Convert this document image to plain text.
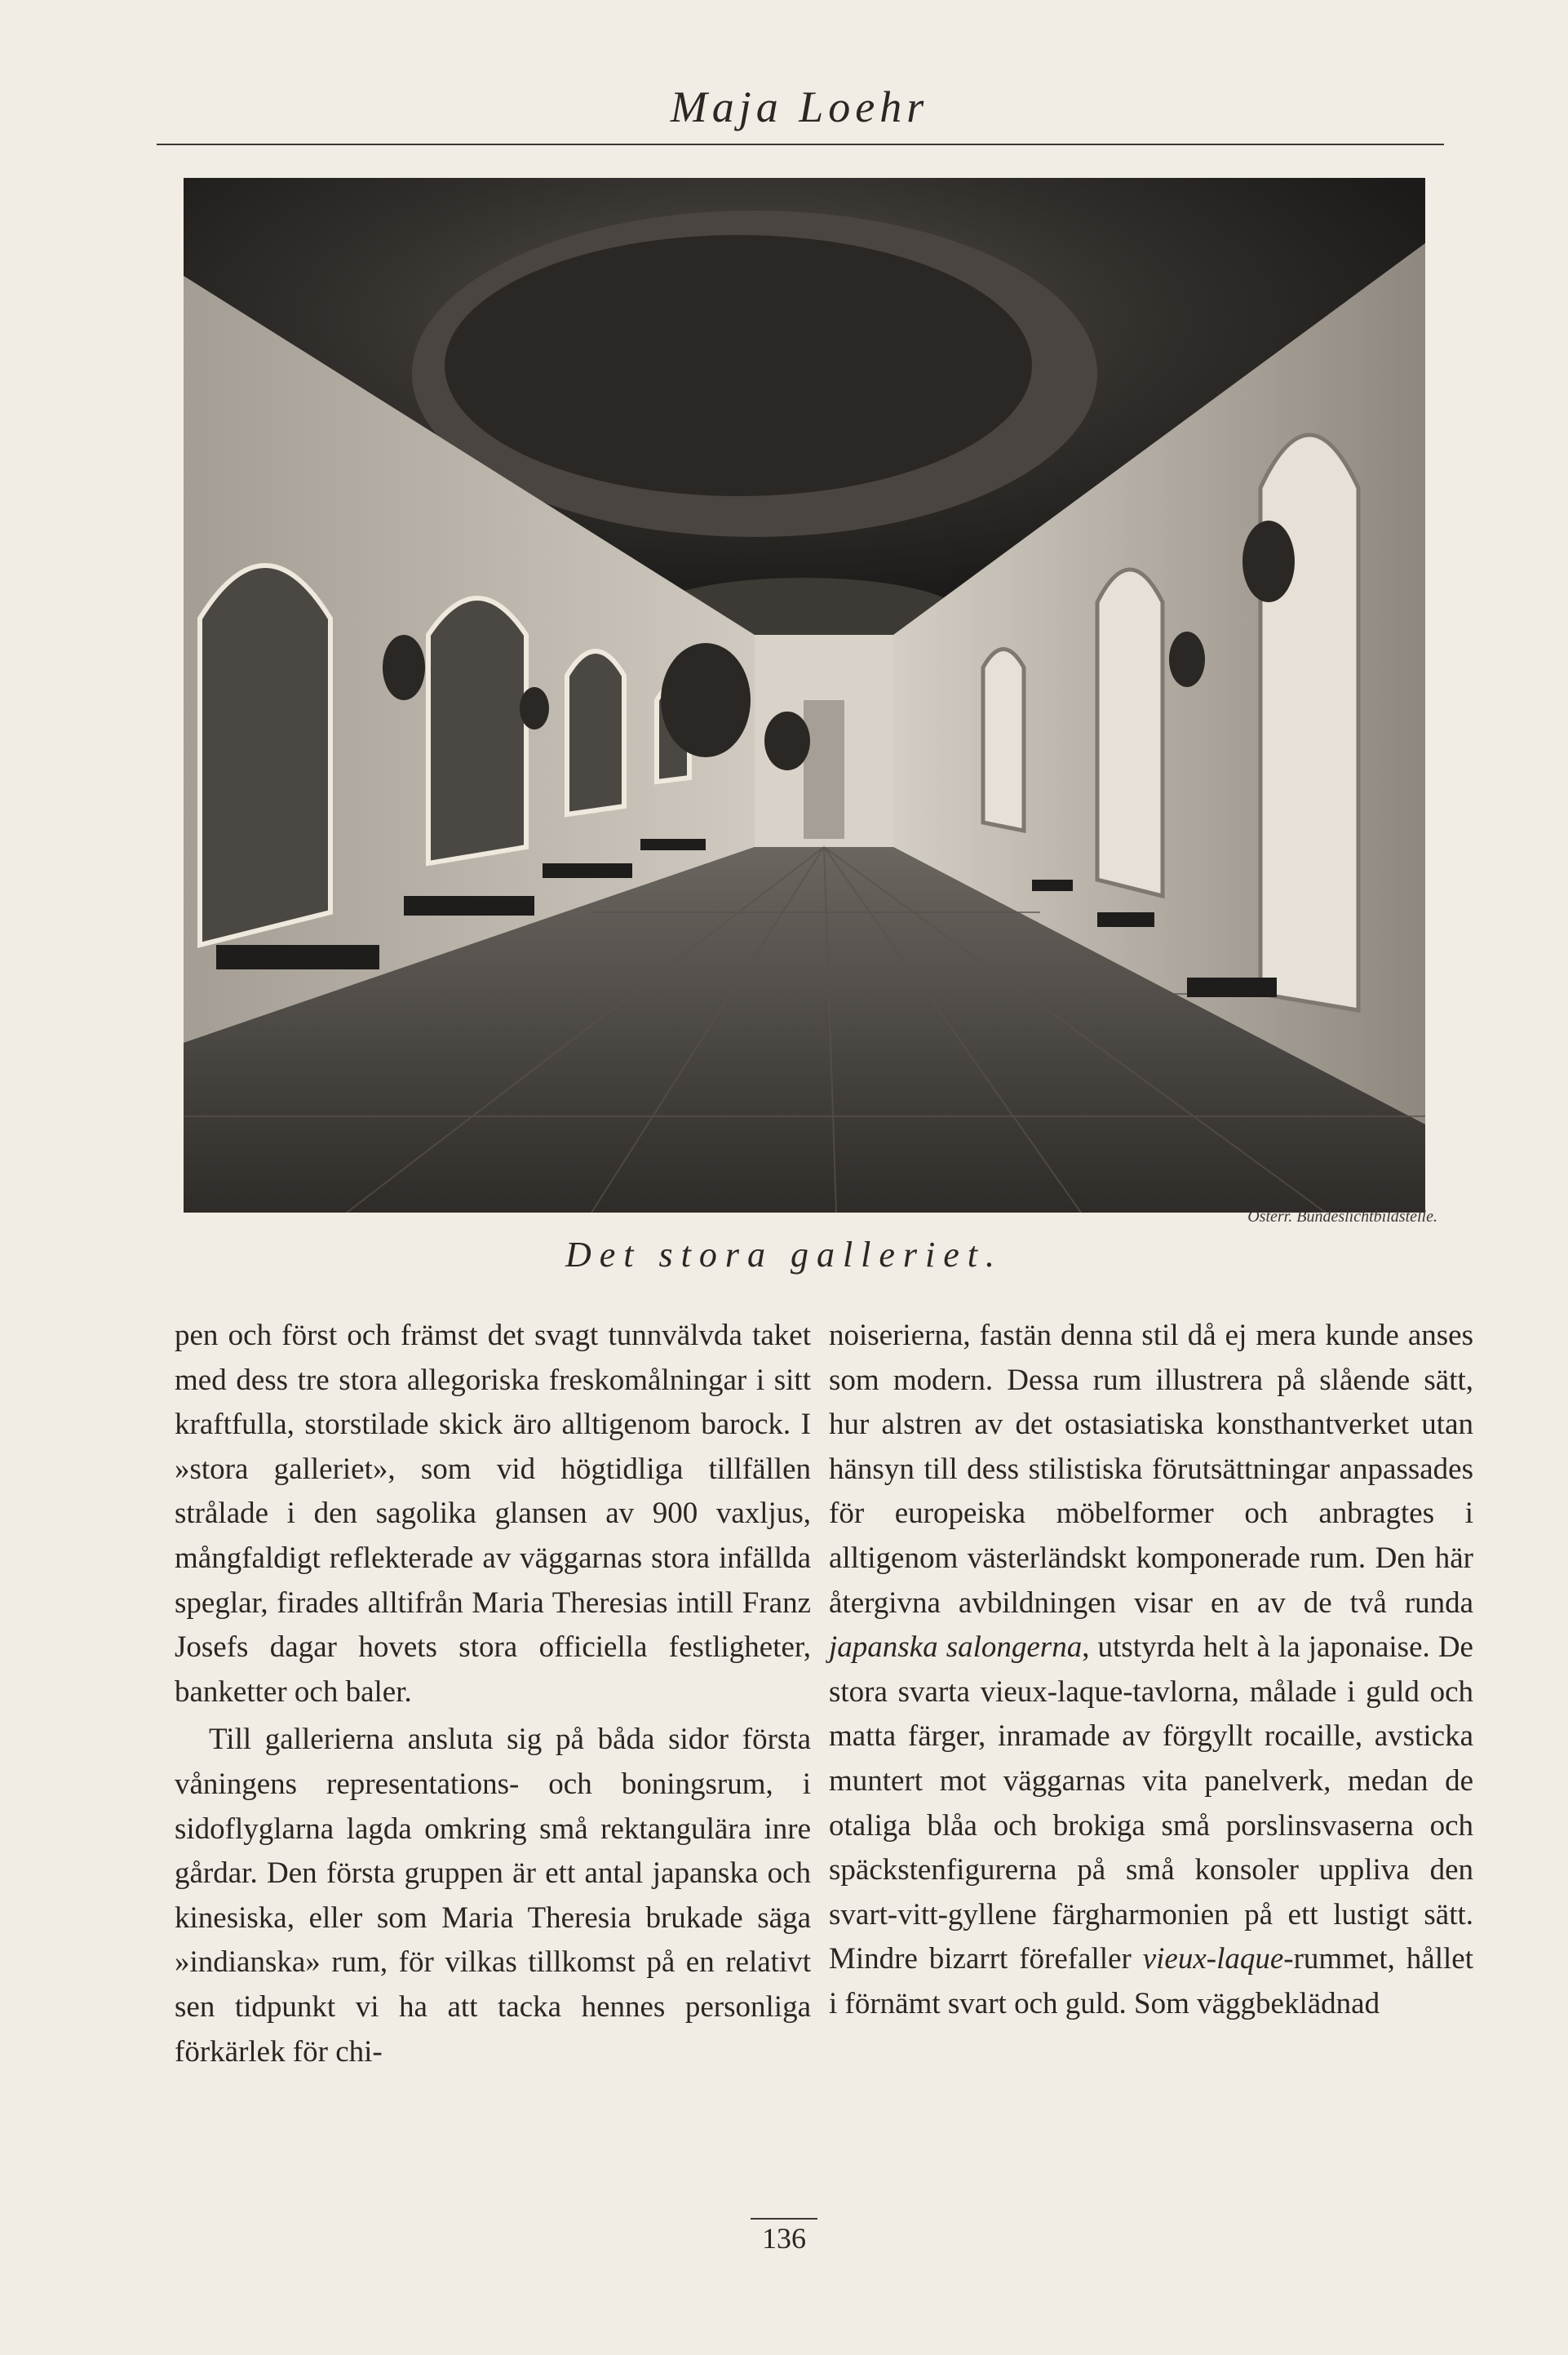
Maja Loehr
Österr. Bundeslichtbildstelle.
Det stora galleriet.

pen och först och främst det svagt tunnvälvda taket med dess tre stora allegoriska freskomålningar i sitt kraftfulla, storstilade skick äro alltigenom barock. I »stora galleriet», som vid högtidliga tillfällen strålade i den sagolika glansen av 900 vaxljus, mångfaldigt reflekterade av väggarnas stora infällda speglar, firades alltifrån Maria Theresias intill Franz Josefs dagar hovets stora officiella festligheter, banketter och baler.

Till gallerierna ansluta sig på båda sidor första våningens representations- och boningsrum, i sidoflyglarna lagda omkring små rektangulära inre gårdar. Den första gruppen är ett antal japanska och kinesiska, eller som Maria Theresia brukade säga »indianska» rum, för vilkas tillkomst på en relativt sen tidpunkt vi ha att tacka hennes personliga förkärlek för chi-

noiserierna, fastän denna stil då ej mera kunde anses som modern. Dessa rum illustrera på slående sätt, hur alstren av det ostasiatiska konsthantverket utan hänsyn till dess stilistiska förutsättningar anpassades för europeiska möbelformer och anbragtes i alltigenom västerländskt komponerade rum. Den här återgivna avbildningen visar en av de två runda japanska salongerna, utstyrda helt à la japonaise. De stora svarta vieux-laque-tavlorna, målade i guld och matta färger, inramade av förgyllt rocaille, avsticka muntert mot väggarnas vita panelverk, medan de otaliga blåa och brokiga små porslinsvaserna och späckstenfigurerna på små konsoler uppliva den svart-vitt-gyllene färgharmonien på ett lustigt sätt. Mindre bizarrt förefaller vieux-laque-rummet, hållet i förnämt svart och guld. Som väggbeklädnad

136
